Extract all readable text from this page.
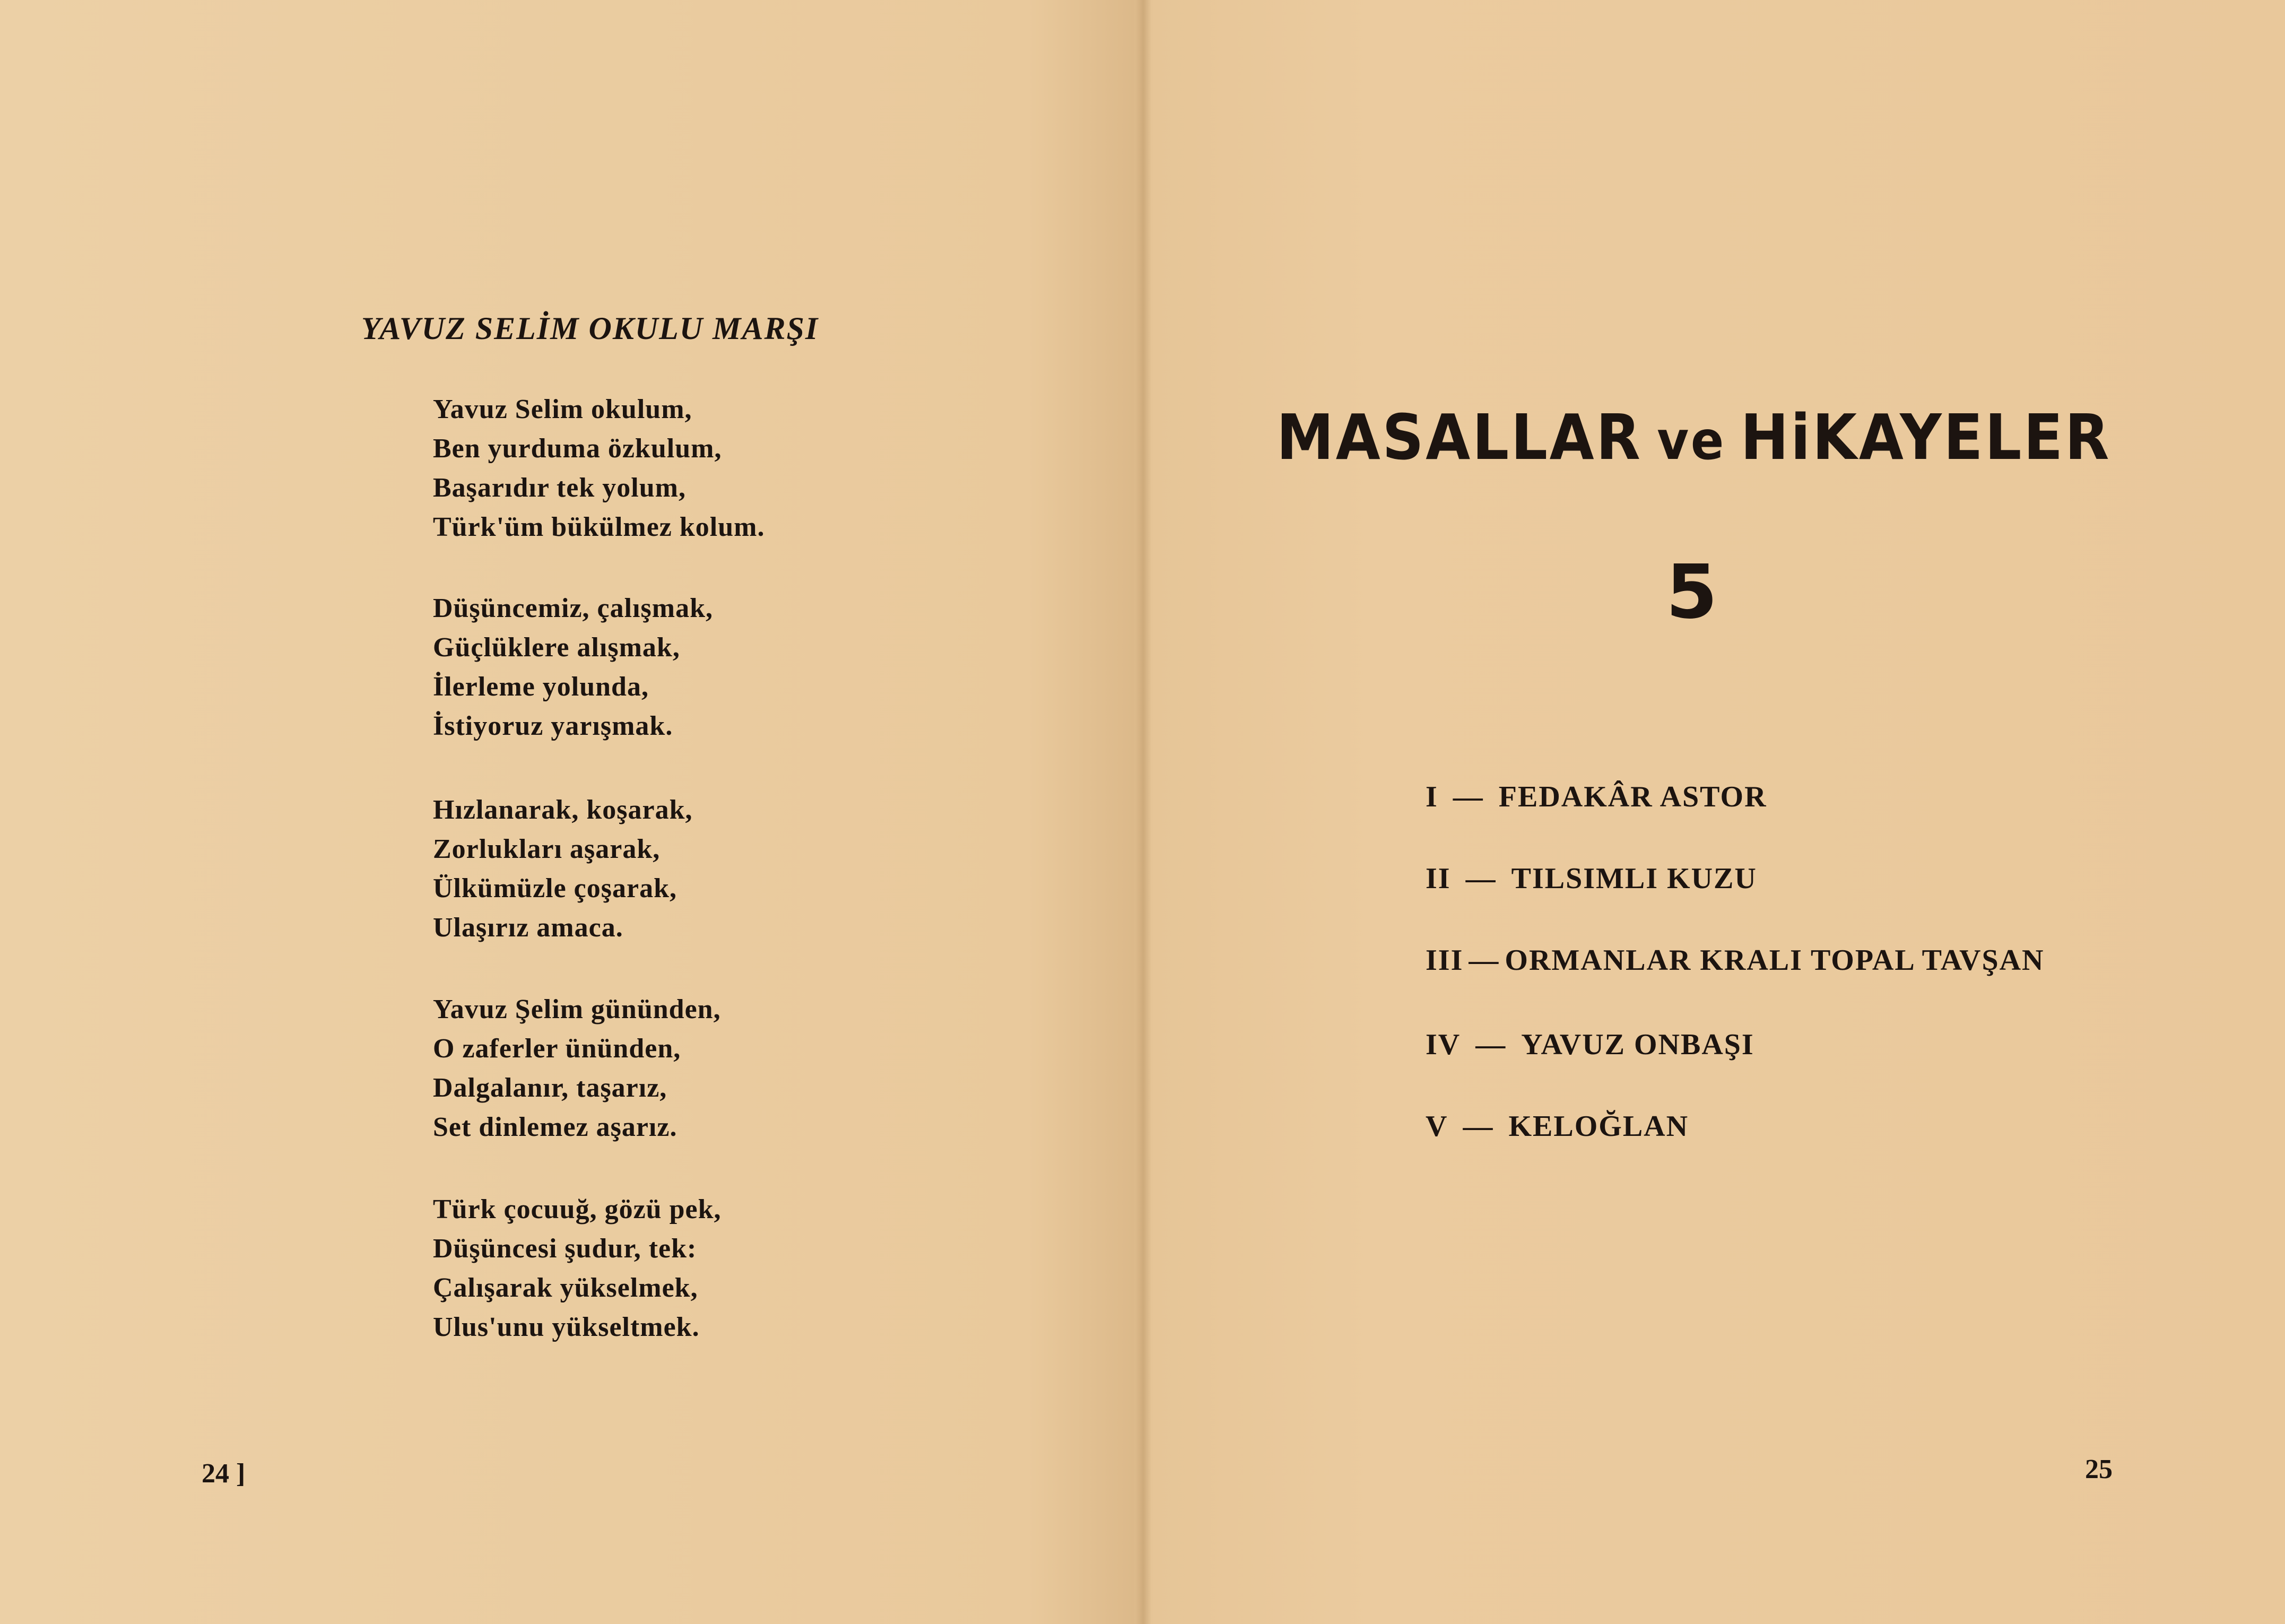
YAVUZ SELİM OKULU MARŞI
Yavuz Selim okulum,
Ben yurduma özkulum,
Başarıdır tek yolum,
Türk'üm bükülmez kolum.
Düşüncemiz, çalışmak,
Güçlüklere alışmak,
İlerleme yolunda,
İstiyoruz yarışmak.
Hızlanarak, koşarak,
Zorlukları aşarak,
Ülkümüzle çoşarak,
Ulaşırız amaca.
Yavuz Şelim gününden,
O zaferler ününden,
Dalgalanır, taşarız,
Set dinlemez aşarız.
Türk çocuuğ, gözü pek,
Düşüncesi şudur, tek:
Çalışarak yükselmek,
Ulus'unu yükseltmek.
24 ]
MASALLAR ve HiKAYELER
5
I — FEDAKÂR ASTOR
II — TILSIMLI KUZU
III — ORMANLAR KRALI TOPAL TAVŞAN
IV — YAVUZ ONBAŞI
V — KELOĞLAN
25
